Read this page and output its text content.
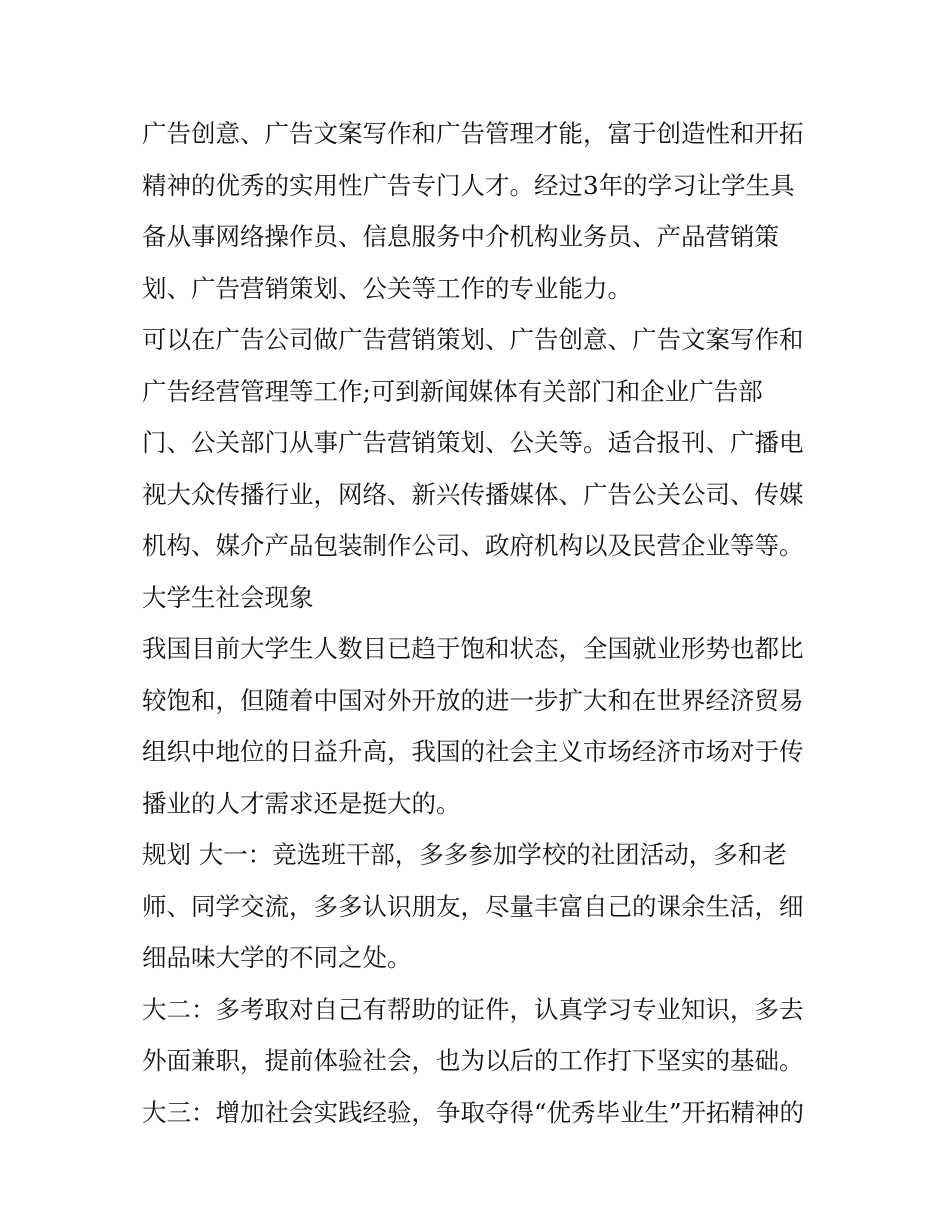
广告创意、广告文案写作和广告管理才能，富于创造性和开拓
精神的优秀的实用性广告专门人才。经过3年的学习让学生具
备从事网络操作员、信息服务中介机构业务员、产品营销策
划、广告营销策划、公关等工作的专业能力。
可以在广告公司做广告营销策划、广告创意、广告文案写作和
广告经营管理等工作;可到新闻媒体有关部门和企业广告部
门、公关部门从事广告营销策划、公关等。适合报刊、广播电
视大众传播行业，网络、新兴传播媒体、广告公关公司、传媒
机构、媒介产品包装制作公司、政府机构以及民营企业等等。
大学生社会现象
我国目前大学生人数目已趋于饱和状态，全国就业形势也都比
较饱和，但随着中国对外开放的进一步扩大和在世界经济贸易
组织中地位的日益升高，我国的社会主义市场经济市场对于传
播业的人才需求还是挺大的。
规划 大一：竞选班干部，多多参加学校的社团活动，多和老
师、同学交流，多多认识朋友，尽量丰富自己的课余生活，细
细品味大学的不同之处。
大二：多考取对自己有帮助的证件，认真学习专业知识，多去
外面兼职，提前体验社会，也为以后的工作打下坚实的基础。
大三：增加社会实践经验，争取夺得“优秀毕业生”开拓精神的
